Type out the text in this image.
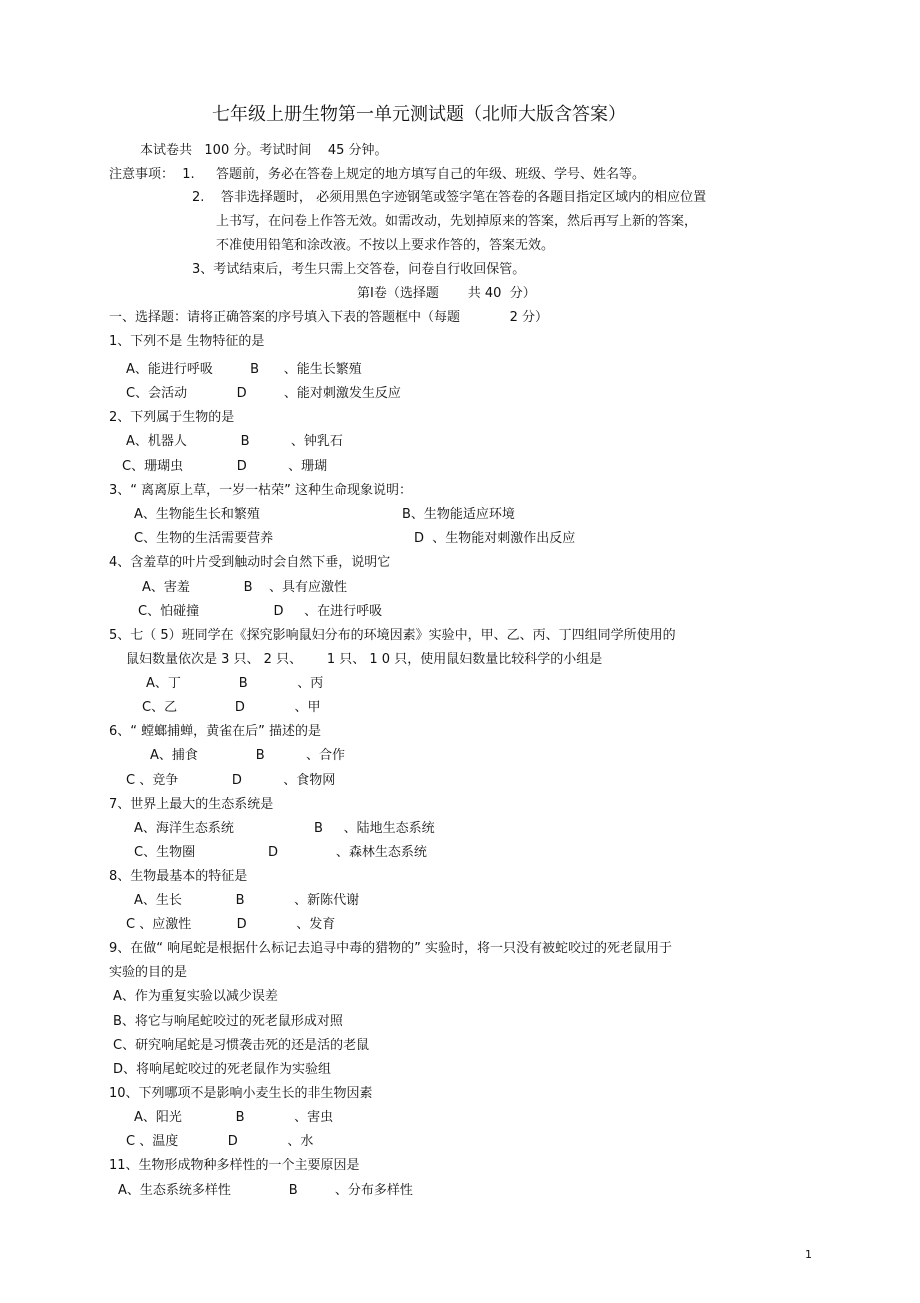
七年级上册生物第一单元测试题（北师大版含答案）
本试卷共   100 分。考试时间    45 分钟。
注意事项：  1. 答题前，务必在答卷上规定的地方填写自己的年级、班级、学号、姓名等。
2.    答非选择题时， 必须用黑色字迹钢笔或签字笔在答卷的各题目指定区域内的相应位置
上书写，在问卷上作答无效。如需改动，先划掉原来的答案，然后再写上新的答案，
不准使用铅笔和涂改液。不按以上要求作答的，答案无效。
3、考试结束后，考生只需上交答卷，问卷自行收回保管。
第Ⅰ卷（选择题       共 40  分）
一、选择题：请将正确答案的序号填入下表的答题框中（每题            2 分）
1、下列不是 生物特征的是
A、能进行呼吸         B      、能生长繁殖
C、会活动            D         、能对刺激发生反应
2、下列属于生物的是
A、机器人             B          、钟乳石
C、珊瑚虫             D          、珊瑚
3、“ 离离原上草，一岁一枯荣” 这种生命现象说明：
A、生物能生长和繁殖	B、生物能适应环境
C、生物的生活需要营养	D  、生物能对刺激作出反应
4、含羞草的叶片受到触动时会自然下垂，说明它
A、害羞             B    、具有应激性
C、怕碰撞                  D     、在进行呼吸
5、七（ 5）班同学在《探究影响鼠妇分布的环境因素》实验中，甲、乙、丙、丁四组同学所使用的
鼠妇数量依次是 3 只、 2 只、      1 只、 1 0 只，使用鼠妇数量比较科学的小组是
A、丁              B            、丙
C、乙              D            、甲
6、“ 螳螂捕蝉，黄雀在后” 描述的是
A、捕食              B          、合作
C 、竞争             D          、食物网
7、世界上最大的生态系统是
A、海洋生态系统	B     、陆地生态系统
C、生物圈	D              、森林生态系统
8、生物最基本的特征是
A、生长             B            、新陈代谢
C 、应激性           D            、发育
9、在做“ 响尾蛇是根据什么标记去追寻中毒的猎物的” 实验时，将一只没有被蛇咬过的死老鼠用于
实验的目的是
A、作为重复实验以减少误差
B、将它与响尾蛇咬过的死老鼠形成对照
C、研究响尾蛇是习惯袭击死的还是活的老鼠
D、将响尾蛇咬过的死老鼠作为实验组
10、下列哪项不是影响小麦生长的非生物因素
A、阳光             B            、害虫
C 、温度            D            、水
11、生物形成物种多样性的一个主要原因是
A、生态系统多样性              B         、分布多样性
1
